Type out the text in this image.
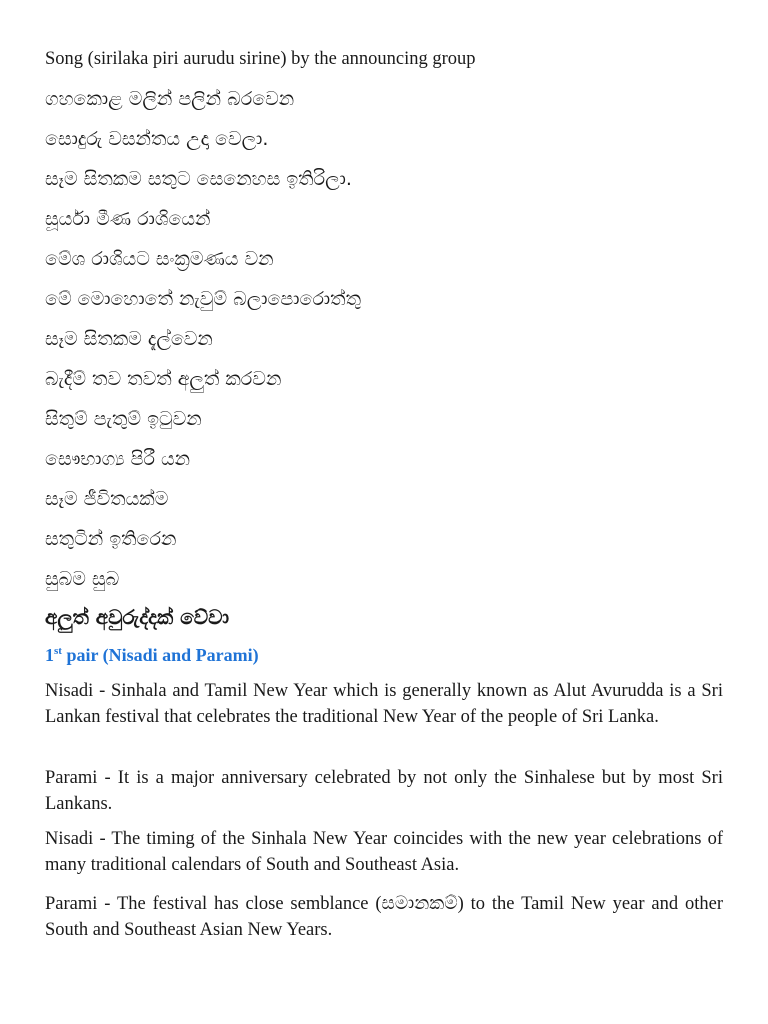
Song (sirilaka piri aurudu sirine) by the announcing group
ගහකොළ මලින් පලින් බරවෙන
සොදුරු වසන්තය උදා වෙලා.
සෑම සිතකම සතුට සෙනෙහස ඉතිරිලා.
සූර්යා මීණ රාශියෙන්
මේශ රාශියට සංක්‍රමණය වන
මේ මොහොතේ නැවුම් බලාපොරොත්තු
සෑම සිතකම දැල්වෙන
බැදීම් තව තවත් අලුත් කරවන
සිතුම් පැතුම් ඉටුවන
සෞභාග්‍ය පිරී යන
සෑම ජීවිතයක්ම
සතුටින් ඉතිරෙන
සුබම සුබ
අලුත් අවුරුද්දක් වේවා
1st pair (Nisadi and Parami)

Nisadi - Sinhala and Tamil New Year which is generally known as Alut Avurudda is a Sri Lankan festival that celebrates the traditional New Year of the people of Sri Lanka.

Parami - It is a major anniversary celebrated by not only the Sinhalese but by most Sri Lankans.

Nisadi - The timing of the Sinhala New Year coincides with the new year celebrations of many traditional calendars of South and Southeast Asia.

Parami - The festival has close semblance (සමානකම්) to the Tamil New year and other South and Southeast Asian New Years.
